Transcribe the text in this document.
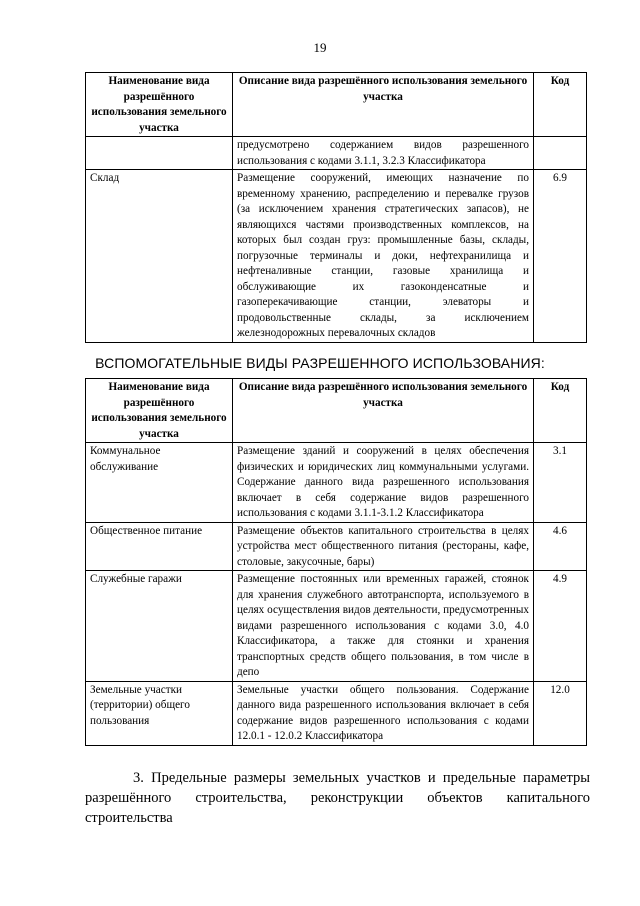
19
Наименование вида разрешённого использования земельного участка	Описание вида разрешённого использования земельного участка	Код
	предусмотрено содержанием видов разрешенного использования с кодами 3.1.1, 3.2.3 Классификатора	
Склад	Размещение сооружений, имеющих назначение по временному хранению, распределению и перевалке грузов (за исключением хранения стратегических запасов), не являющихся частями производственных комплексов, на которых был создан груз: промышленные базы, склады, погрузочные терминалы и доки, нефтехранилища и нефтеналивные станции, газовые хранилища и обслуживающие их газоконденсатные и газоперекачивающие станции, элеваторы и продовольственные склады, за исключением железнодорожных перевалочных складов	6.9
ВСПОМОГАТЕЛЬНЫЕ ВИДЫ РАЗРЕШЕННОГО ИСПОЛЬЗОВАНИЯ:
Наименование вида разрешённого использования земельного участка	Описание вида разрешённого использования земельного участка	Код
Коммунальное обслуживание	Размещение зданий и сооружений в целях обеспечения физических и юридических лиц коммунальными услугами. Содержание данного вида разрешенного использования включает в себя содержание видов разрешенного использования с кодами 3.1.1-3.1.2 Классификатора	3.1
Общественное питание	Размещение объектов капитального строительства в целях устройства мест общественного питания (рестораны, кафе, столовые, закусочные, бары)	4.6
Служебные гаражи	Размещение постоянных или временных гаражей, стоянок для хранения служебного автотранспорта, используемого в целях осуществления видов деятельности, предусмотренных видами разрешенного использования с кодами 3.0, 4.0 Классификатора, а также для стоянки и хранения транспортных средств общего пользования, в том числе в депо	4.9
Земельные участки (территории) общего пользования	Земельные участки общего пользования. Содержание данного вида разрешенного использования включает в себя содержание видов разрешенного использования с кодами 12.0.1 - 12.0.2 Классификатора	12.0
3. Предельные размеры земельных участков и предельные параметры разрешённого строительства, реконструкции объектов капитального строительства
